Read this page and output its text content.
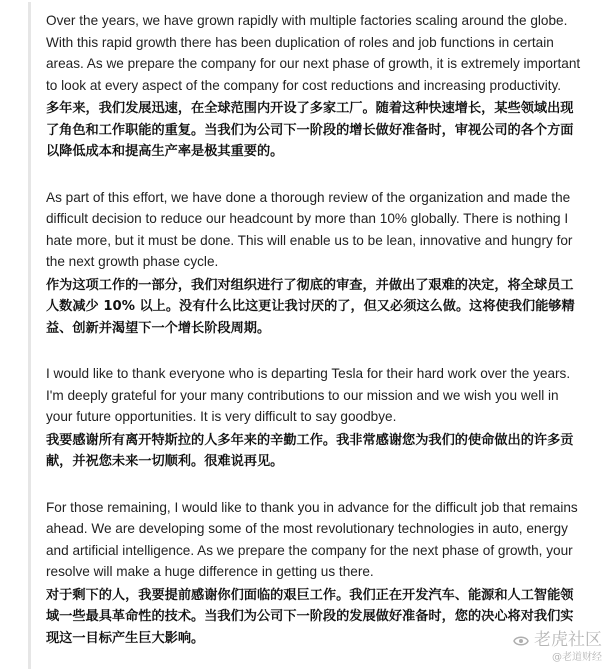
Over the years, we have grown rapidly with multiple factories scaling around the globe. With this rapid growth there has been duplication of roles and job functions in certain areas. As we prepare the company for our next phase of growth, it is extremely important to look at every aspect of the company for cost reductions and increasing productivity.

多年来，我们发展迅速，在全球范围内开设了多家工厂。随着这种快速增长，某些领域出现了角色和工作职能的重复。当我们为公司下一阶段的增长做好准备时，审视公司的各个方面以降低成本和提高生产率是极其重要的。

As part of this effort, we have done a thorough review of the organization and made the difficult decision to reduce our headcount by more than 10% globally. There is nothing I hate more, but it must be done. This will enable us to be lean, innovative and hungry for the next growth phase cycle.

作为这项工作的一部分，我们对组织进行了彻底的审查，并做出了艰难的决定，将全球员工人数减少 10% 以上。没有什么比这更让我讨厌的了，但又必须这么做。这将使我们能够精益、创新并渴望下一个增长阶段周期。

I would like to thank everyone who is departing Tesla for their hard work over the years. I'm deeply grateful for your many contributions to our mission and we wish you well in your future opportunities. It is very difficult to say goodbye.

我要感谢所有离开特斯拉的人多年来的辛勤工作。我非常感谢您为我们的使命做出的许多贡献，并祝您未来一切顺利。很难说再见。

For those remaining, I would like to thank you in advance for the difficult job that remains ahead. We are developing some of the most revolutionary technologies in auto, energy and artificial intelligence. As we prepare the company for the next phase of growth, your resolve will make a huge difference in getting us there.

对于剩下的人，我要提前感谢你们面临的艰巨工作。我们正在开发汽车、能源和人工智能领域一些最具革命性的技术。当我们为公司下一阶段的发展做好准备时，您的决心将对我们实现这一目标产生巨大影响。	老虎社区
@老道财经
